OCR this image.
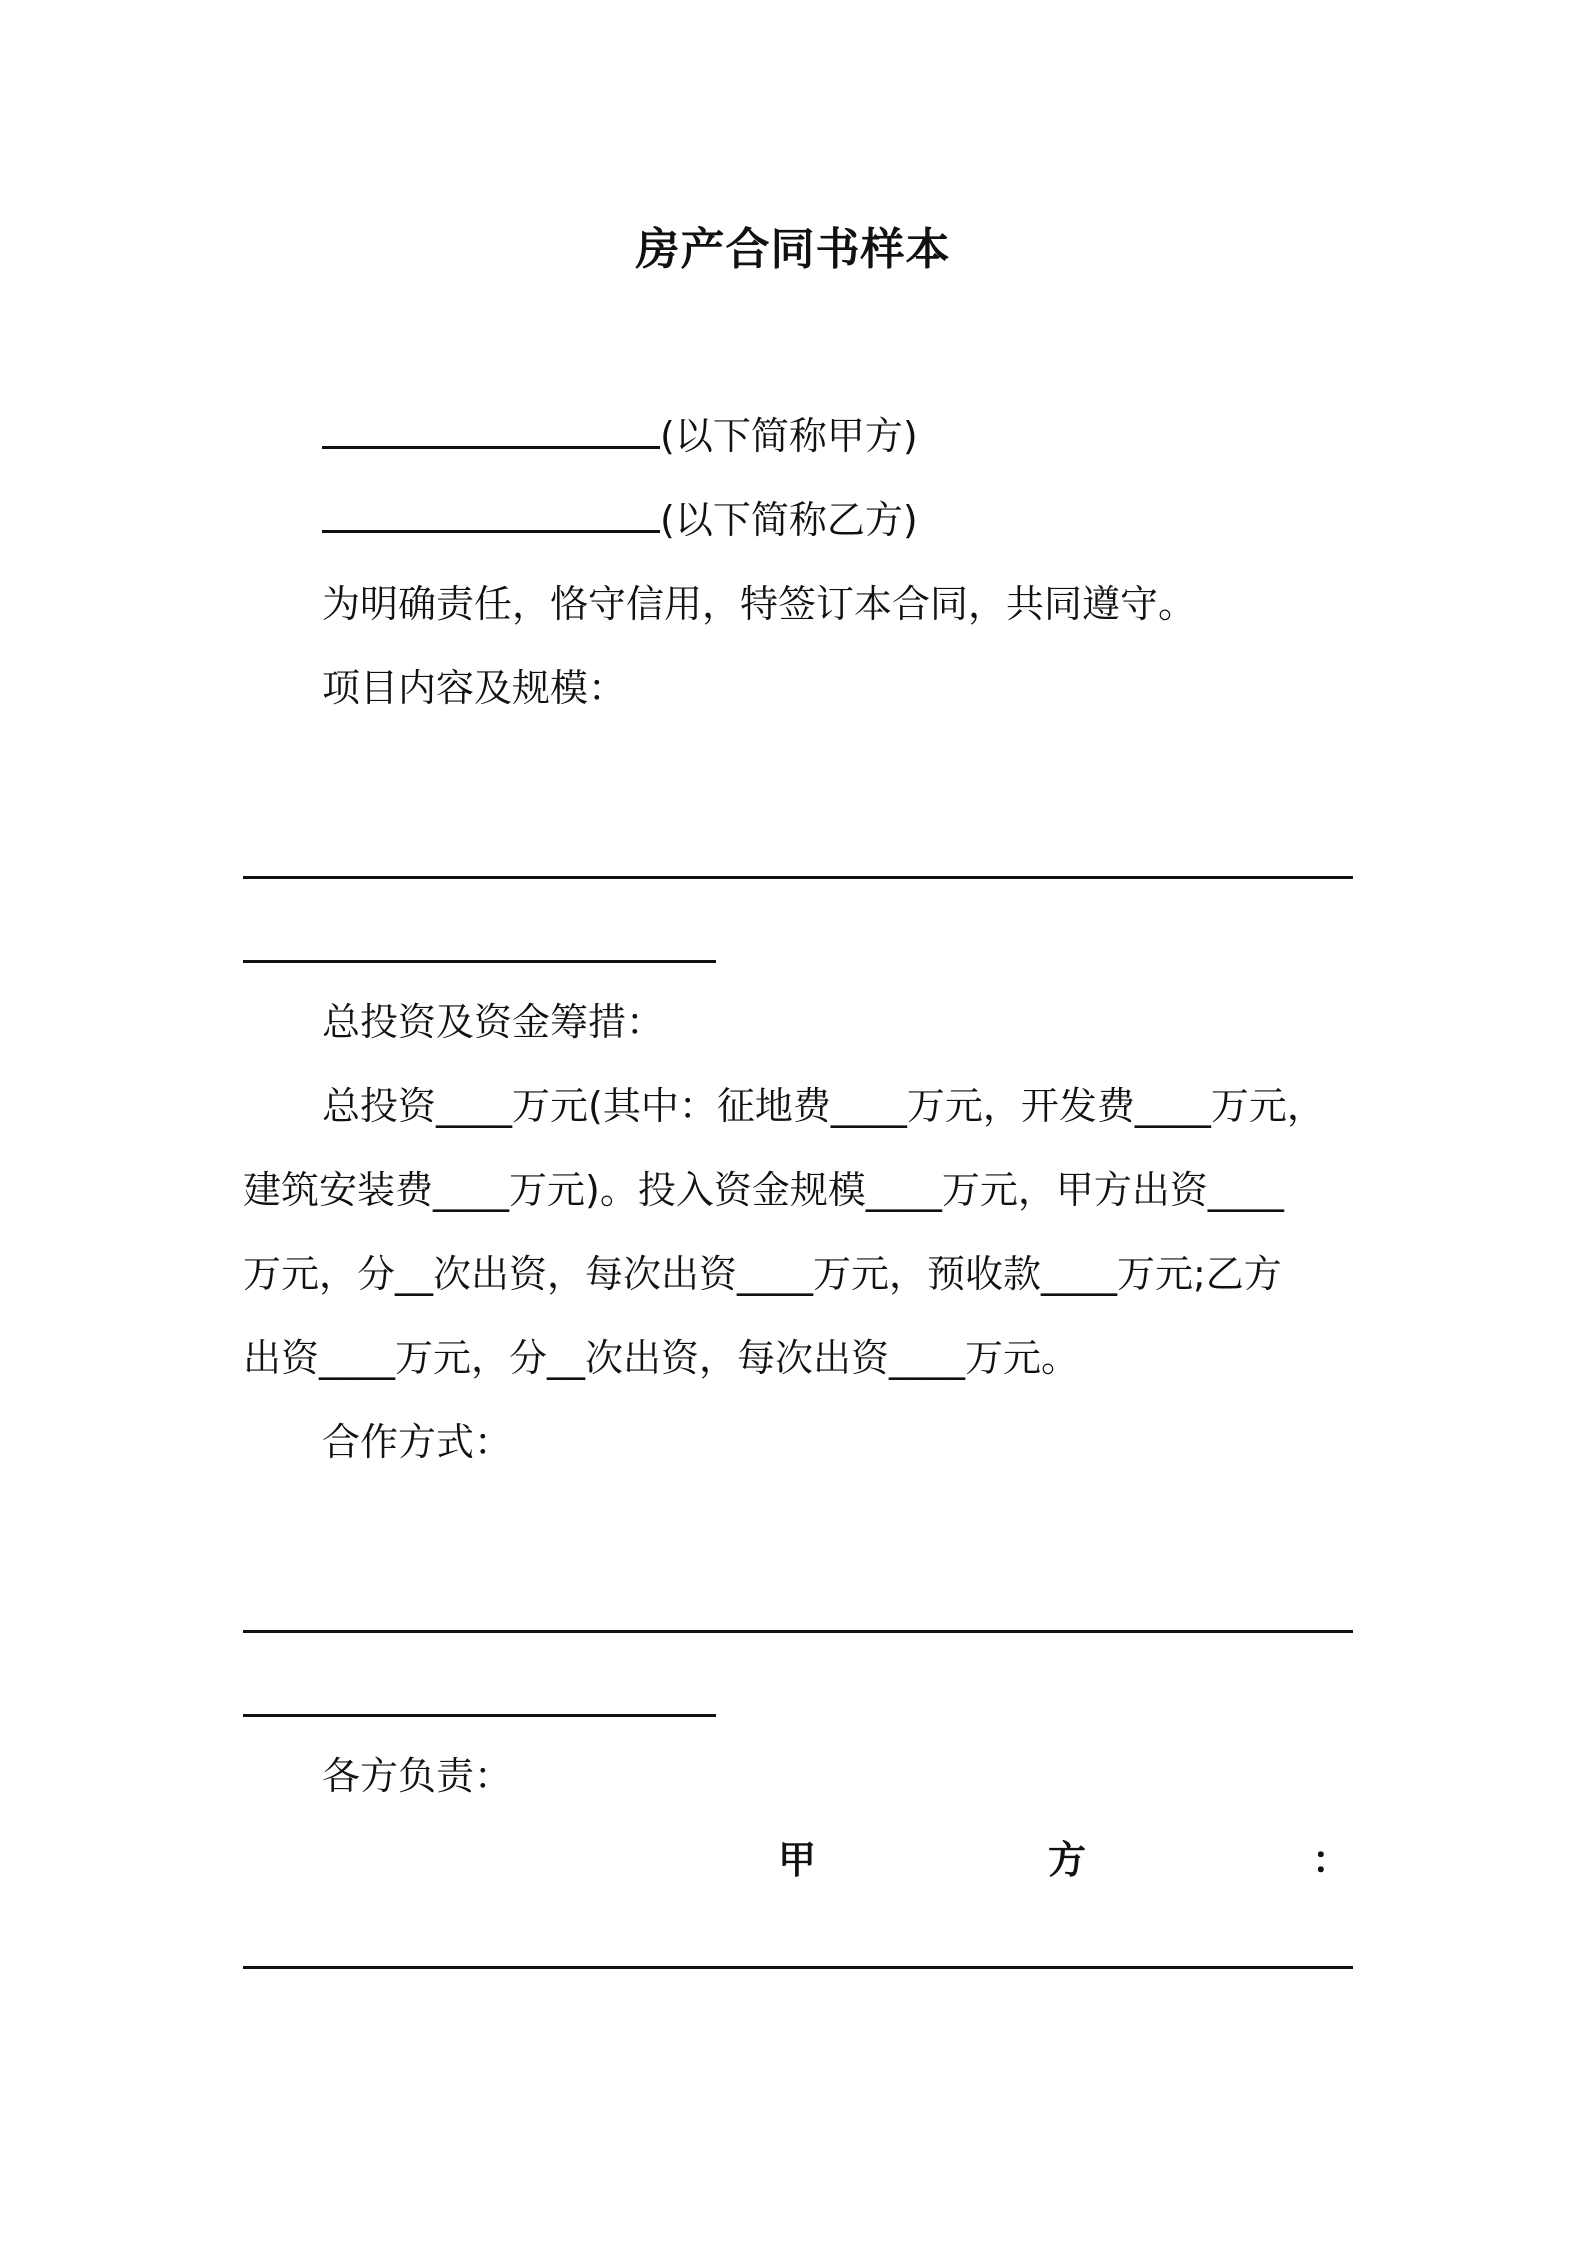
房产合同书样本
(以下简称甲方)
(以下简称乙方)
为明确责任，恪守信用，特签订本合同，共同遵守。
项目内容及规模：
总投资及资金筹措：
总投资____万元(其中：征地费____万元，开发费____万元，
建筑安装费____万元)。投入资金规模____万元，甲方出资____
万元，分__次出资，每次出资____万元，预收款____万元;乙方
出资____万元，分__次出资，每次出资____万元。
合作方式：
各方负责：
甲	方	：
